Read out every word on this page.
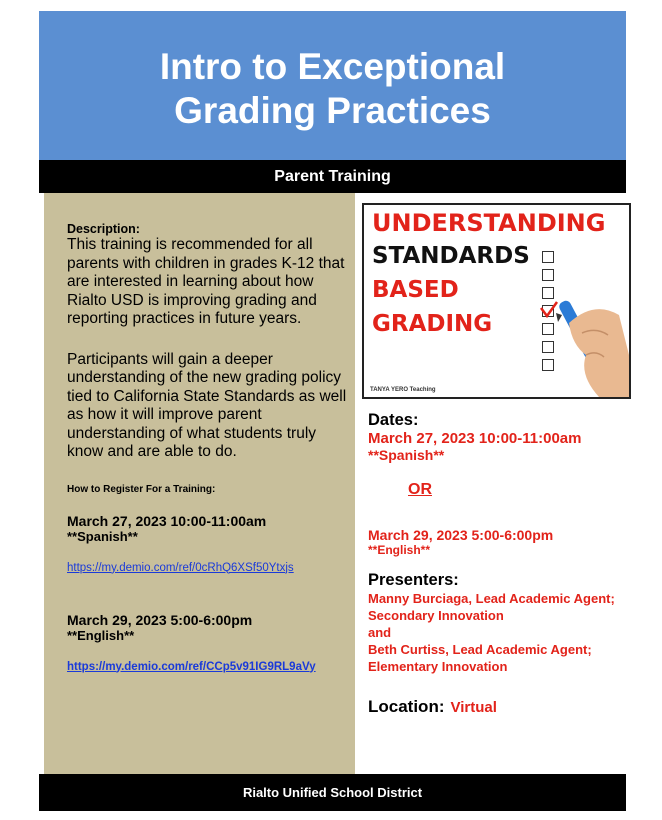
Intro to Exceptional
Grading Practices
Parent Training
Description:

This training is recommended for all parents with children in grades K-12 that are interested in learning about how Rialto USD is improving grading and reporting practices in future years.

Participants will gain a deeper understanding of the new grading policy tied to California State Standards as well as how it will improve parent understanding of what students truly know and are able to do.

How to Register For a Training:

March 27, 2023 10:00-11:00am
**Spanish**
https://my.demio.com/ref/0cRhQ6XSf50Ytxjs
March 29, 2023 5:00-6:00pm
**English**
https://my.demio.com/ref/CCp5v91IG9RL9aVy
UNDERSTANDING
STANDARDS
BASED
GRADING
TANYA YERO Teaching
Dates:
March 27, 2023 10:00-11:00am
**Spanish**
OR
March 29, 2023 5:00-6:00pm
**English**
Presenters:
Manny Burciaga, Lead Academic Agent; Secondary Innovation
and
Beth Curtiss, Lead Academic Agent; Elementary Innovation
Location: Virtual
Rialto Unified School District
